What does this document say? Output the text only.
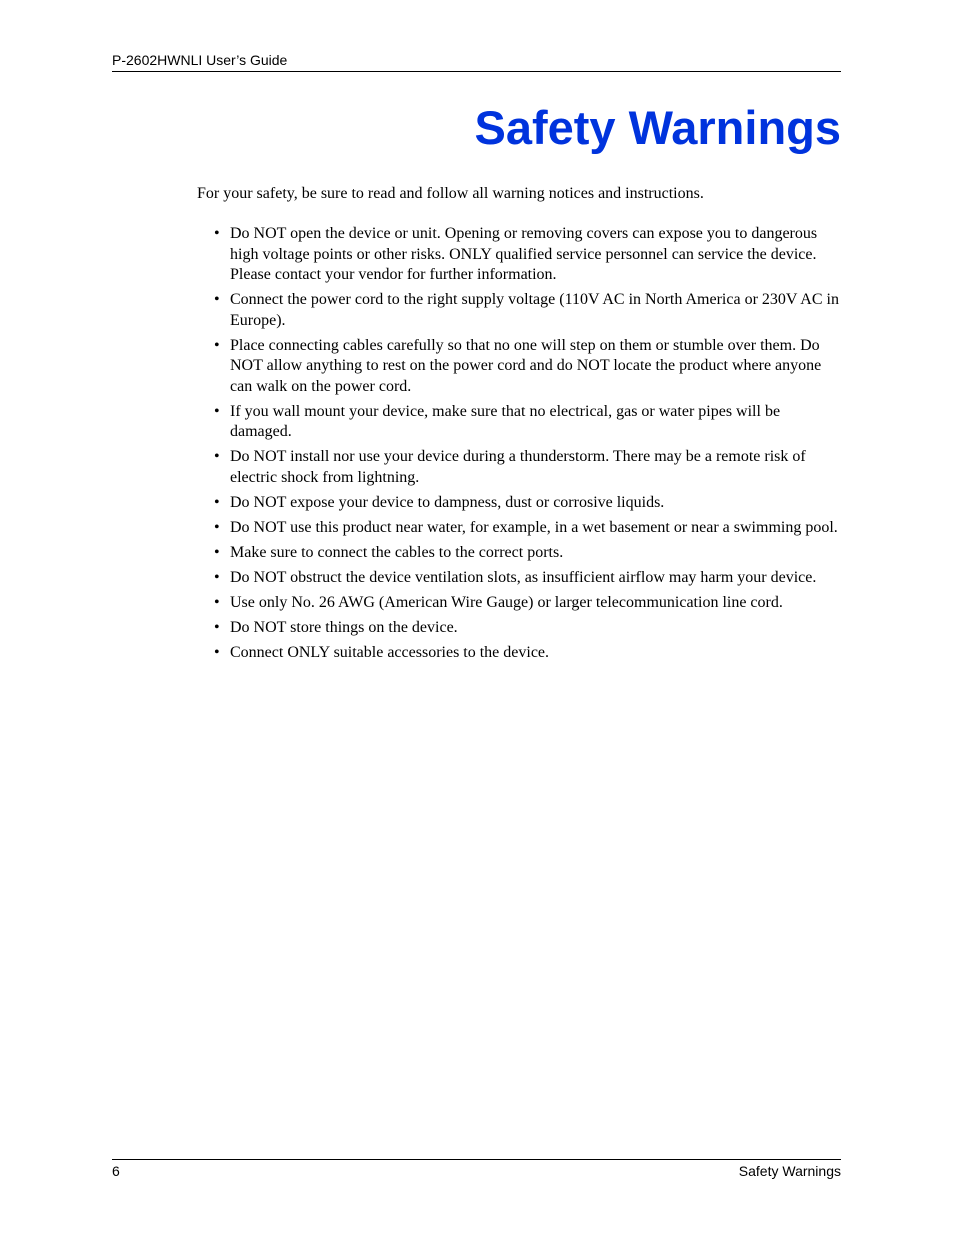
P-2602HWNLI User’s Guide
Safety Warnings

For your safety, be sure to read and follow all warning notices and instructions.

• Do NOT open the device or unit. Opening or removing covers can expose you to dangerous high voltage points or other risks. ONLY qualified service personnel can service the device. Please contact your vendor for further information.
• Connect the power cord to the right supply voltage (110V AC in North America or 230V AC in Europe).
• Place connecting cables carefully so that no one will step on them or stumble over them. Do NOT allow anything to rest on the power cord and do NOT locate the product where anyone can walk on the power cord.
• If you wall mount your device, make sure that no electrical, gas or water pipes will be damaged.
• Do NOT install nor use your device during a thunderstorm. There may be a remote risk of electric shock from lightning.
• Do NOT expose your device to dampness, dust or corrosive liquids.
• Do NOT use this product near water, for example, in a wet basement or near a swimming pool.
• Make sure to connect the cables to the correct ports.
• Do NOT obstruct the device ventilation slots, as insufficient airflow may harm your device.
• Use only No. 26 AWG (American Wire Gauge) or larger telecommunication line cord.
• Do NOT store things on the device.
• Connect ONLY suitable accessories to the device.
6	Safety Warnings
